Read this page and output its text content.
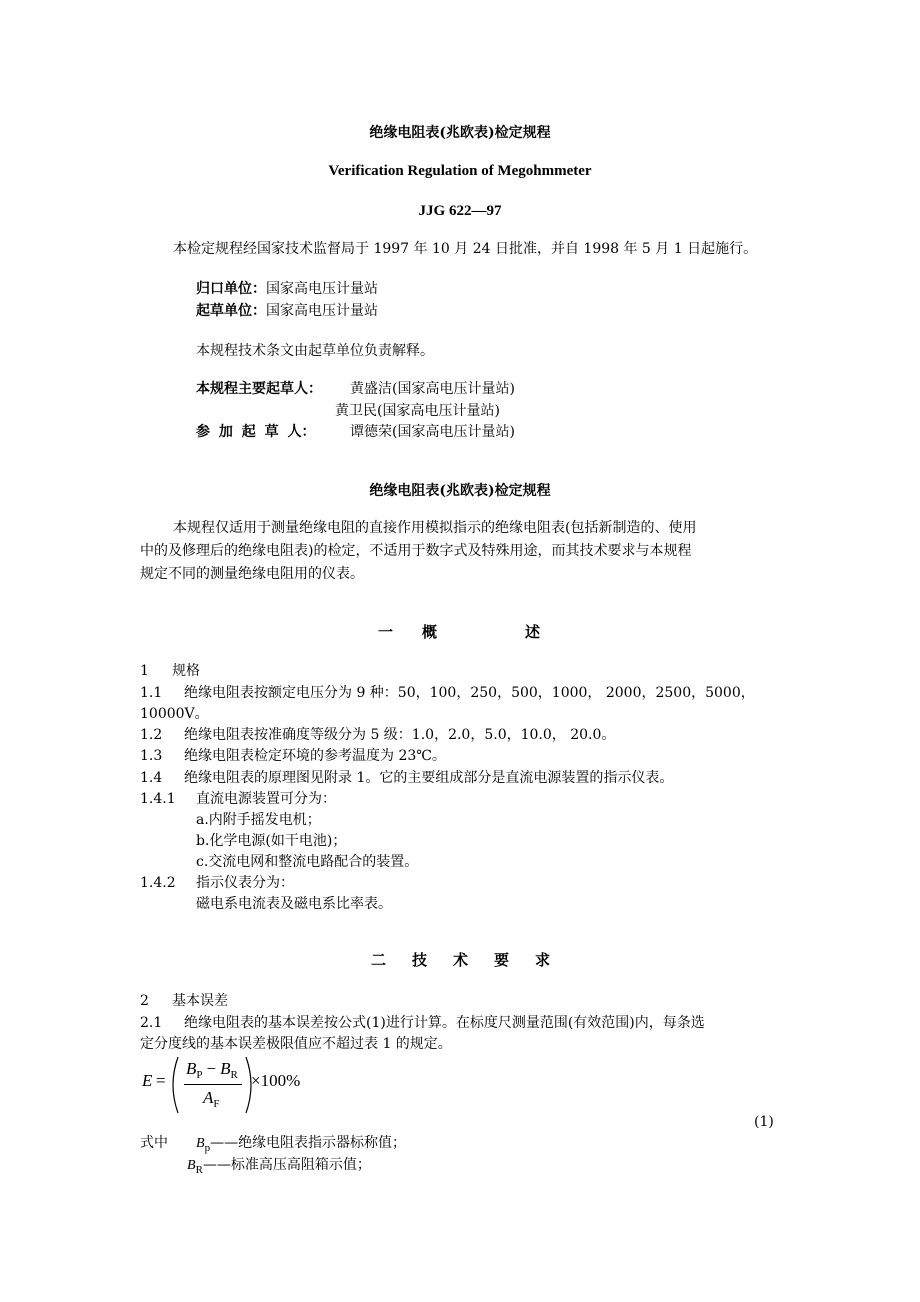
绝缘电阻表(兆欧表)检定规程
Verification Regulation of Megohmmeter
JJG 622—97
本检定规程经国家技术监督局于 1997 年 10 月 24 日批准，并自 1998 年 5 月 1 日起施行。
归口单位：国家高电压计量站
起草单位：国家高电压计量站
本规程技术条文由起草单位负责解释。
本规程主要起草人： 黄盛洁(国家高电压计量站)
黄卫民(国家高电压计量站)
参 加 起 草 人： 谭德荣(国家高电压计量站)
绝缘电阻表(兆欧表)检定规程
本规程仅适用于测量绝缘电阻的直接作用模拟指示的绝缘电阻表(包括新制造的、使用
中的及修理后的绝缘电阻表)的检定，不适用于数字式及特殊用途，而其技术要求与本规程
规定不同的测量绝缘电阻用的仪表。
一 概	述
1 规格
1.1 绝缘电阻表按额定电压分为 9 种：50，100，250，500，1000， 2000，2500，5000，
10000V。
1.2 绝缘电阻表按准确度等级分为 5 级：1.0，2.0，5.0，10.0， 20.0。
1.3 绝缘电阻表检定环境的参考温度为 23℃。
1.4 绝缘电阻表的原理图见附录 1。它的主要组成部分是直流电源装置的指示仪表。
1.4.1 直流电源装置可分为：
a.内附手摇发电机；
b.化学电源(如干电池)；
c.交流电网和整流电路配合的装置。
1.4.2 指示仪表分为：
磁电系电流表及磁电系比率表。
二 技 术 要 求
2 基本误差
2.1 绝缘电阻表的基本误差按公式(1)进行计算。在标度尺测量范围(有效范围)内，每条选
定分度线的基本误差极限值应不超过表 1 的规定。
E =
$B_P - B_R$
$A_F$
×100%
(1)
式中 $B_p——$绝缘电阻表指示器标称值；
$B_R——$标准高压高阻箱示值；
